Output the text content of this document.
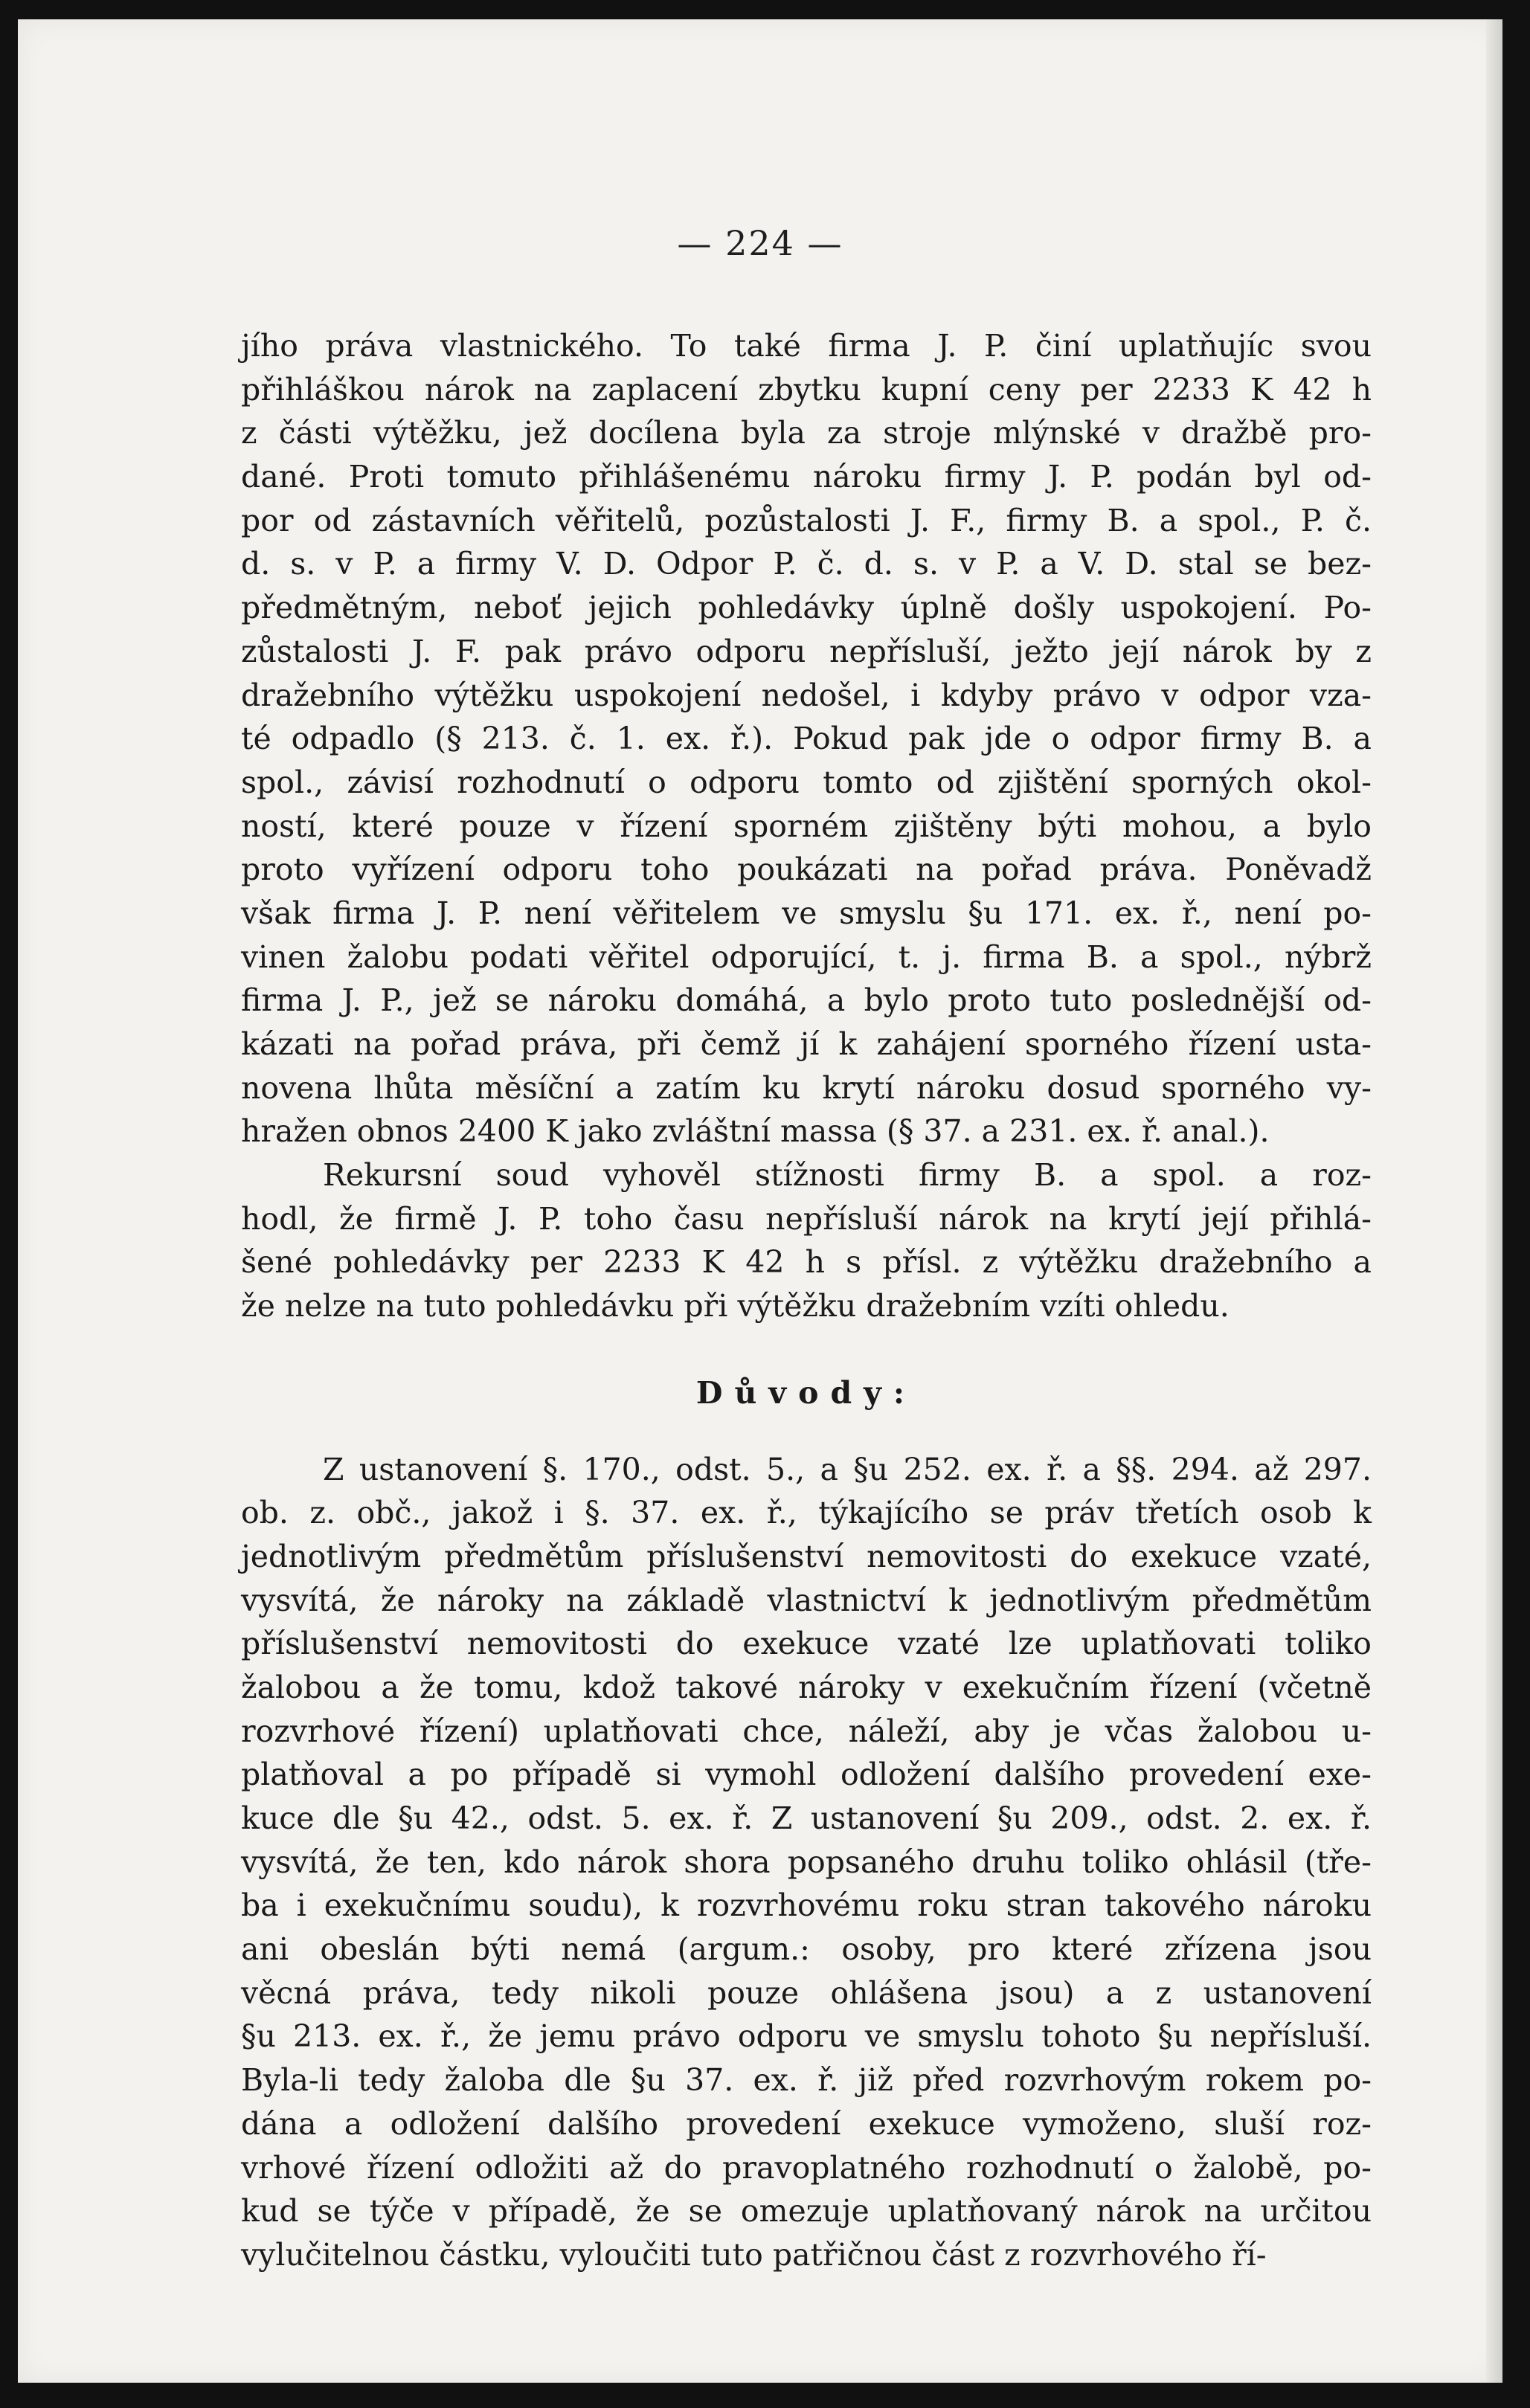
— 224 —
jího práva vlastnického. To také firma J. P. činí uplatňujíc svou
přihláškou nárok na zaplacení zbytku kupní ceny per 2233 K 42 h
z části výtěžku, jež docílena byla za stroje mlýnské v dražbě pro-
dané. Proti tomuto přihlášenému nároku firmy J. P. podán byl od-
por od zástavních věřitelů, pozůstalosti J. F., firmy B. a spol., P. č.
d. s. v P. a firmy V. D. Odpor P. č. d. s. v P. a V. D. stal se bez-
předmětným, neboť jejich pohledávky úplně došly uspokojení. Po-
zůstalosti J. F. pak právo odporu nepřísluší, ježto její nárok by z
dražebního výtěžku uspokojení nedošel, i kdyby právo v odpor vza-
té odpadlo (§ 213. č. 1. ex. ř.). Pokud pak jde o odpor firmy B. a
spol., závisí rozhodnutí o odporu tomto od zjištění sporných okol-
ností, které pouze v řízení sporném zjištěny býti mohou, a bylo
proto vyřízení odporu toho poukázati na pořad práva. Poněvadž
však firma J. P. není věřitelem ve smyslu §u 171. ex. ř., není po-
vinen žalobu podati věřitel odporující, t. j. firma B. a spol., nýbrž
firma J. P., jež se nároku domáhá, a bylo proto tuto poslednější od-
kázati na pořad práva, při čemž jí k zahájení sporného řízení usta-
novena lhůta měsíční a zatím ku krytí nároku dosud sporného vy-
hražen obnos 2400 K jako zvláštní massa (§ 37. a 231. ex. ř. anal.).
Rekursní soud vyhověl stížnosti firmy B. a spol. a roz-
hodl, že firmě J. P. toho času nepřísluší nárok na krytí její přihlá-
šené pohledávky per 2233 K 42 h s přísl. z výtěžku dražebního a
že nelze na tuto pohledávku při výtěžku dražebním vzíti ohledu.
Důvody:
Z ustanovení §. 170., odst. 5., a §u 252. ex. ř. a §§. 294. až 297.
ob. z. obč., jakož i §. 37. ex. ř., týkajícího se práv třetích osob k
jednotlivým předmětům příslušenství nemovitosti do exekuce vzaté,
vysvítá, že nároky na základě vlastnictví k jednotlivým předmětům
příslušenství nemovitosti do exekuce vzaté lze uplatňovati toliko
žalobou a že tomu, kdož takové nároky v exekučním řízení (včetně
rozvrhové řízení) uplatňovati chce, náleží, aby je včas žalobou u-
platňoval a po případě si vymohl odložení dalšího provedení exe-
kuce dle §u 42., odst. 5. ex. ř. Z ustanovení §u 209., odst. 2. ex. ř.
vysvítá, že ten, kdo nárok shora popsaného druhu toliko ohlásil (tře-
ba i exekučnímu soudu), k rozvrhovému roku stran takového nároku
ani obeslán býti nemá (argum.: osoby, pro které zřízena jsou
věcná práva, tedy nikoli pouze ohlášena jsou) a z ustanovení
§u 213. ex. ř., že jemu právo odporu ve smyslu tohoto §u nepřísluší.
Byla-li tedy žaloba dle §u 37. ex. ř. již před rozvrhovým rokem po-
dána a odložení dalšího provedení exekuce vymoženo, sluší roz-
vrhové řízení odložiti až do pravoplatného rozhodnutí o žalobě, po-
kud se týče v případě, že se omezuje uplatňovaný nárok na určitou
vylučitelnou částku, vyloučiti tuto patřičnou část z rozvrhového ří-
